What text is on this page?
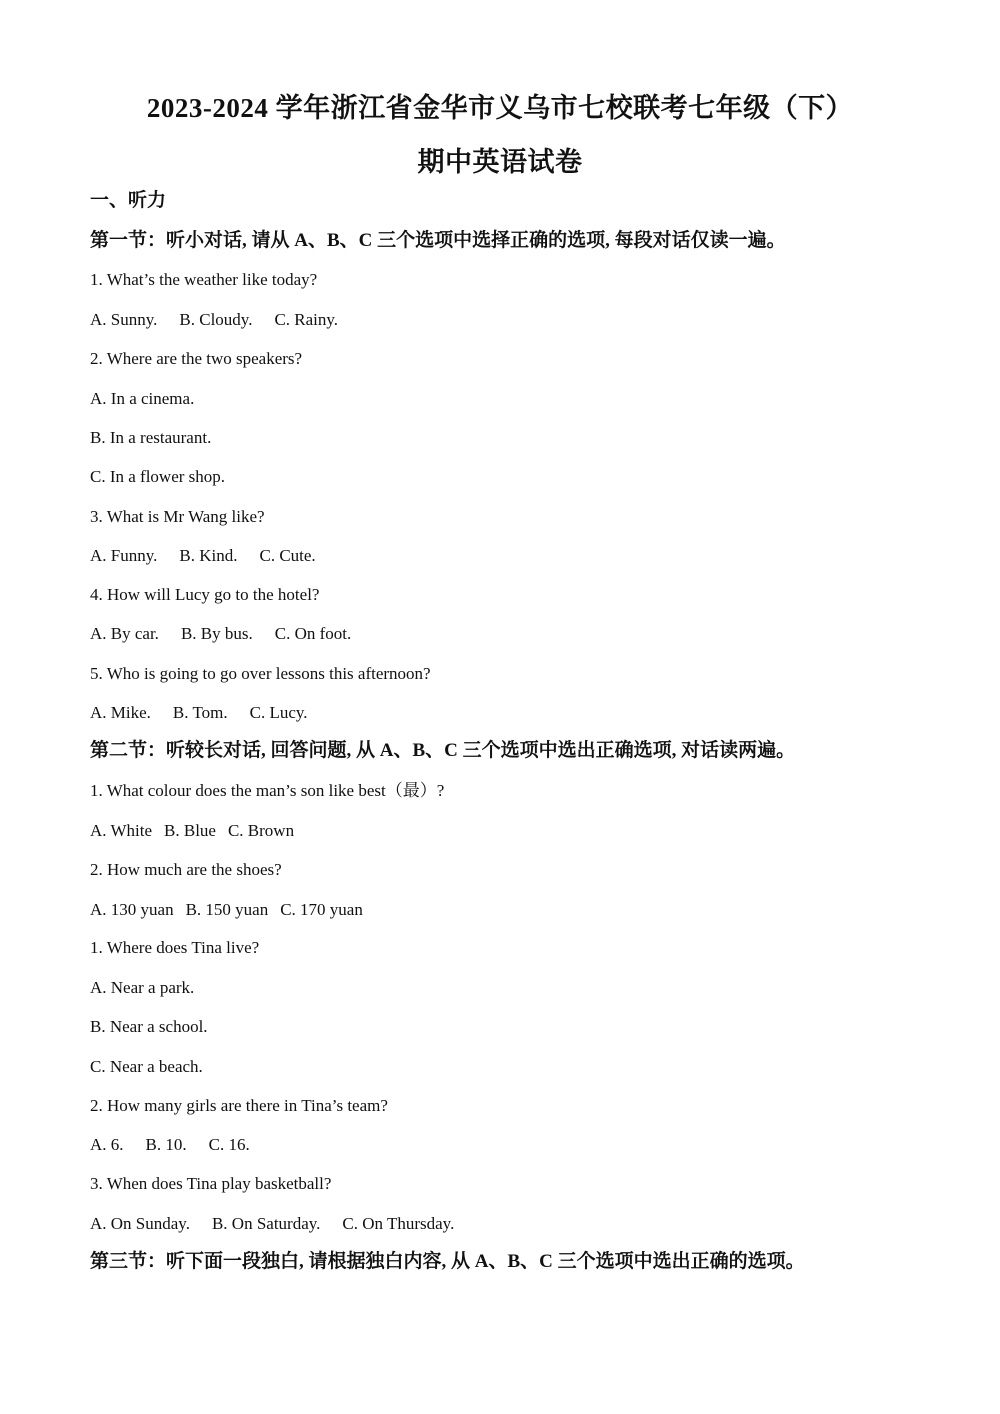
2023-2024 学年浙江省金华市义乌市七校联考七年级（下）
期中英语试卷
一、听力
第一节：听小对话, 请从 A、B、C 三个选项中选择正确的选项, 每段对话仅读一遍。
1. What’s the weather like today?
A. Sunny. B. Cloudy. C. Rainy.
2. Where are the two speakers?
A. In a cinema.
B. In a restaurant.
C. In a flower shop.
3. What is Mr Wang like?
A. Funny. B. Kind. C. Cute.
4. How will Lucy go to the hotel?
A. By car. B. By bus. C. On foot.
5. Who is going to go over lessons this afternoon?
A. Mike. B. Tom. C. Lucy.
第二节：听较长对话, 回答问题, 从 A、B、C 三个选项中选出正确选项, 对话读两遍。
1. What colour does the man’s son like best（最）?
A. White B. Blue C. Brown
2. How much are the shoes?
A. 130 yuan B. 150 yuan C. 170 yuan
1. Where does Tina live?
A. Near a park.
B. Near a school.
C. Near a beach.
2. How many girls are there in Tina’s team?
A. 6. B. 10. C. 16.
3. When does Tina play basketball?
A. On Sunday. B. On Saturday. C. On Thursday.
第三节：听下面一段独白, 请根据独白内容, 从 A、B、C 三个选项中选出正确的选项。
